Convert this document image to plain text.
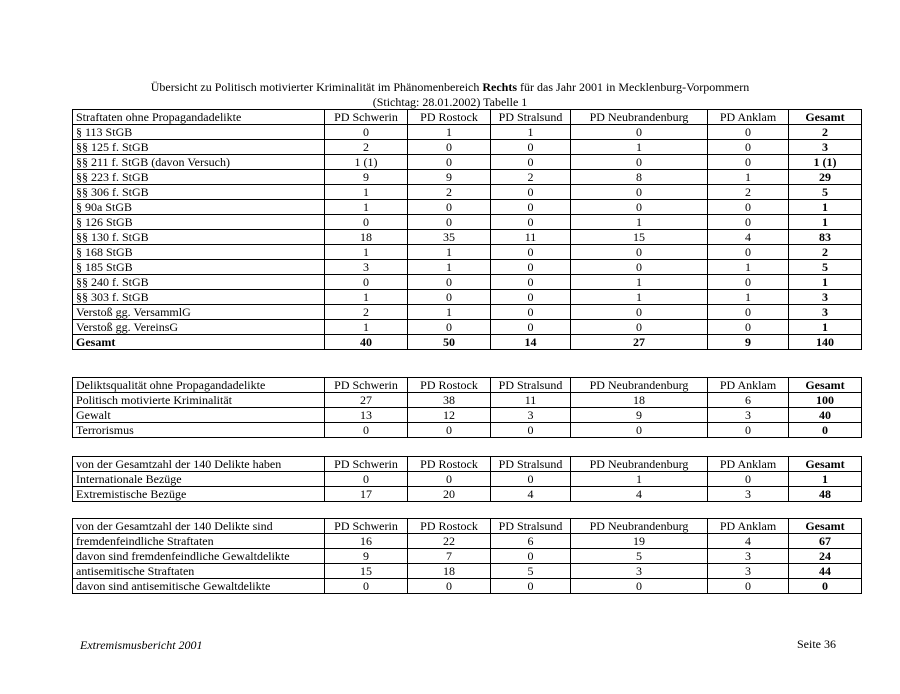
Übersicht zu Politisch motivierter Kriminalität im Phänomenbereich Rechts für das Jahr 2001 in Mecklenburg-Vorpommern
(Stichtag: 28.01.2002) Tabelle 1
Straftaten ohne Propagandadelikte	PD Schwerin	PD Rostock	PD Stralsund	PD Neubrandenburg	PD Anklam	Gesamt
§ 113 StGB	0	1	1	0	0	2
§§ 125 f. StGB	2	0	0	1	0	3
§§ 211 f. StGB (davon Versuch)	1 (1)	0	0	0	0	1 (1)
§§ 223 f. StGB	9	9	2	8	1	29
§§ 306 f. StGB	1	2	0	0	2	5
§ 90a StGB	1	0	0	0	0	1
§ 126 StGB	0	0	0	1	0	1
§§ 130 f. StGB	18	35	11	15	4	83
§ 168 StGB	1	1	0	0	0	2
§ 185 StGB	3	1	0	0	1	5
§§ 240 f. StGB	0	0	0	1	0	1
§§ 303 f. StGB	1	0	0	1	1	3
Verstoß gg. VersammlG	2	1	0	0	0	3
Verstoß gg. VereinsG	1	0	0	0	0	1
Gesamt	40	50	14	27	9	140
Deliktsqualität ohne Propagandadelikte	PD Schwerin	PD Rostock	PD Stralsund	PD Neubrandenburg	PD Anklam	Gesamt
Politisch motivierte Kriminalität	27	38	11	18	6	100
Gewalt	13	12	3	9	3	40
Terrorismus	0	0	0	0	0	0
von der Gesamtzahl der 140 Delikte haben	PD Schwerin	PD Rostock	PD Stralsund	PD Neubrandenburg	PD Anklam	Gesamt
Internationale Bezüge	0	0	0	1	0	1
Extremistische Bezüge	17	20	4	4	3	48
von der Gesamtzahl der 140 Delikte sind	PD Schwerin	PD Rostock	PD Stralsund	PD Neubrandenburg	PD Anklam	Gesamt
fremdenfeindliche Straftaten	16	22	6	19	4	67
davon sind fremdenfeindliche Gewaltdelikte	9	7	0	5	3	24
antisemitische Straftaten	15	18	5	3	3	44
davon sind antisemitische Gewaltdelikte	0	0	0	0	0	0
Extremismusbericht 2001	Seite 36
